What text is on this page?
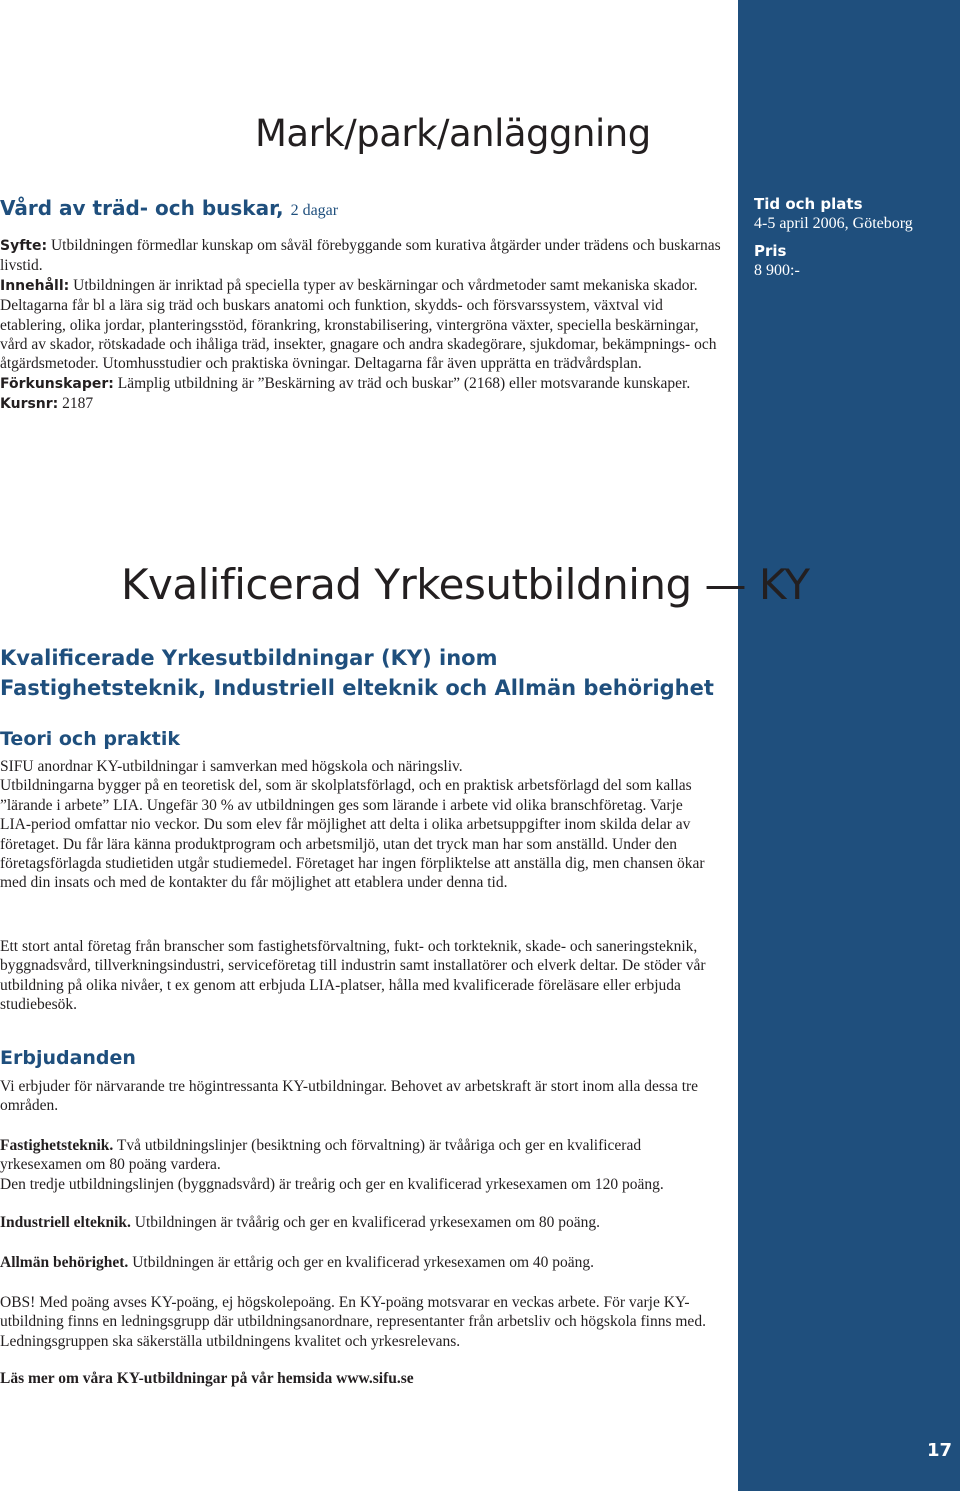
Tid och plats
4-5 april 2006, Göteborg
Pris
8 900:-
17
Mark/park/anläggning
Vård av träd- och buskar, 2 dagar

Syfte: Utbildningen förmedlar kunskap om såväl förebyggande som kurativa åtgärder under trädens och buskarnas livstid.

Innehåll: Utbildningen är inriktad på speciella typer av beskärningar och vårdmetoder samt mekaniska skador. Deltagarna får bl a lära sig träd och buskars anatomi och funktion, skydds- och försvarssystem, växtval vid etablering, olika jordar, planteringsstöd, förankring, kronstabilisering, vintergröna växter, speciella beskärningar, vård av skador, rötskadade och ihåliga träd, insekter, gnagare och andra skadegörare, sjukdomar, bekämpnings- och åtgärdsmetoder. Utomhusstudier och praktiska övningar. Deltagarna får även upprätta en trädvårdsplan.

Förkunskaper: Lämplig utbildning är ”Beskärning av träd och buskar” (2168) eller motsvarande kunskaper.

Kursnr: 2187

Kvalificerad Yrkesutbildning — KY
Kvalificerade Yrkesutbildningar (KY) inom
Fastighetsteknik, Industriell elteknik och Allmän behörighet
Teori och praktik

SIFU anordnar KY-utbildningar i samverkan med högskola och näringsliv.

Utbildningarna bygger på en teoretisk del, som är skolplatsförlagd, och en praktisk arbetsförlagd del som kallas ”lärande i arbete” LIA. Ungefär 30 % av utbildningen ges som lärande i arbete vid olika branschföretag. Varje LIA-period omfattar nio veckor. Du som elev får möjlighet att delta i olika arbetsuppgifter inom skilda delar av företaget. Du får lära känna produktprogram och arbetsmiljö, utan det tryck man har som anställd. Under den företagsförlagda studietiden utgår studiemedel. Företaget har ingen förpliktelse att anställa dig, men chansen ökar med din insats och med de kontakter du får möjlighet att etablera under denna tid.

Ett stort antal företag från branscher som fastighetsförvaltning, fukt- och torkteknik, skade- och saneringsteknik, byggnadsvård, tillverkningsindustri, serviceföretag till industrin samt installatörer och elverk deltar. De stöder vår utbildning på olika nivåer, t ex genom att erbjuda LIA-platser, hålla med kvalificerade föreläsare eller erbjuda studiebesök.

Erbjudanden

Vi erbjuder för närvarande tre högintressanta KY-utbildningar. Behovet av arbetskraft är stort inom alla dessa tre områden.

Fastighetsteknik. Två utbildningslinjer (besiktning och förvaltning) är tvååriga och ger en kvalificerad yrkesexamen om 80 poäng vardera.

Den tredje utbildningslinjen (byggnadsvård) är treårig och ger en kvalificerad yrkesexamen om 120 poäng.

Industriell elteknik. Utbildningen är tvåårig och ger en kvalificerad yrkesexamen om 80 poäng.

Allmän behörighet. Utbildningen är ettårig och ger en kvalificerad yrkesexamen om 40 poäng.

OBS! Med poäng avses KY-poäng, ej högskolepoäng. En KY-poäng motsvarar en veckas arbete. För varje KY-utbildning finns en ledningsgrupp där utbildningsanordnare, representanter från arbetsliv och högskola finns med. Ledningsgruppen ska säkerställa utbildningens kvalitet och yrkesrelevans.

Läs mer om våra KY-utbildningar på vår hemsida www.sifu.se
